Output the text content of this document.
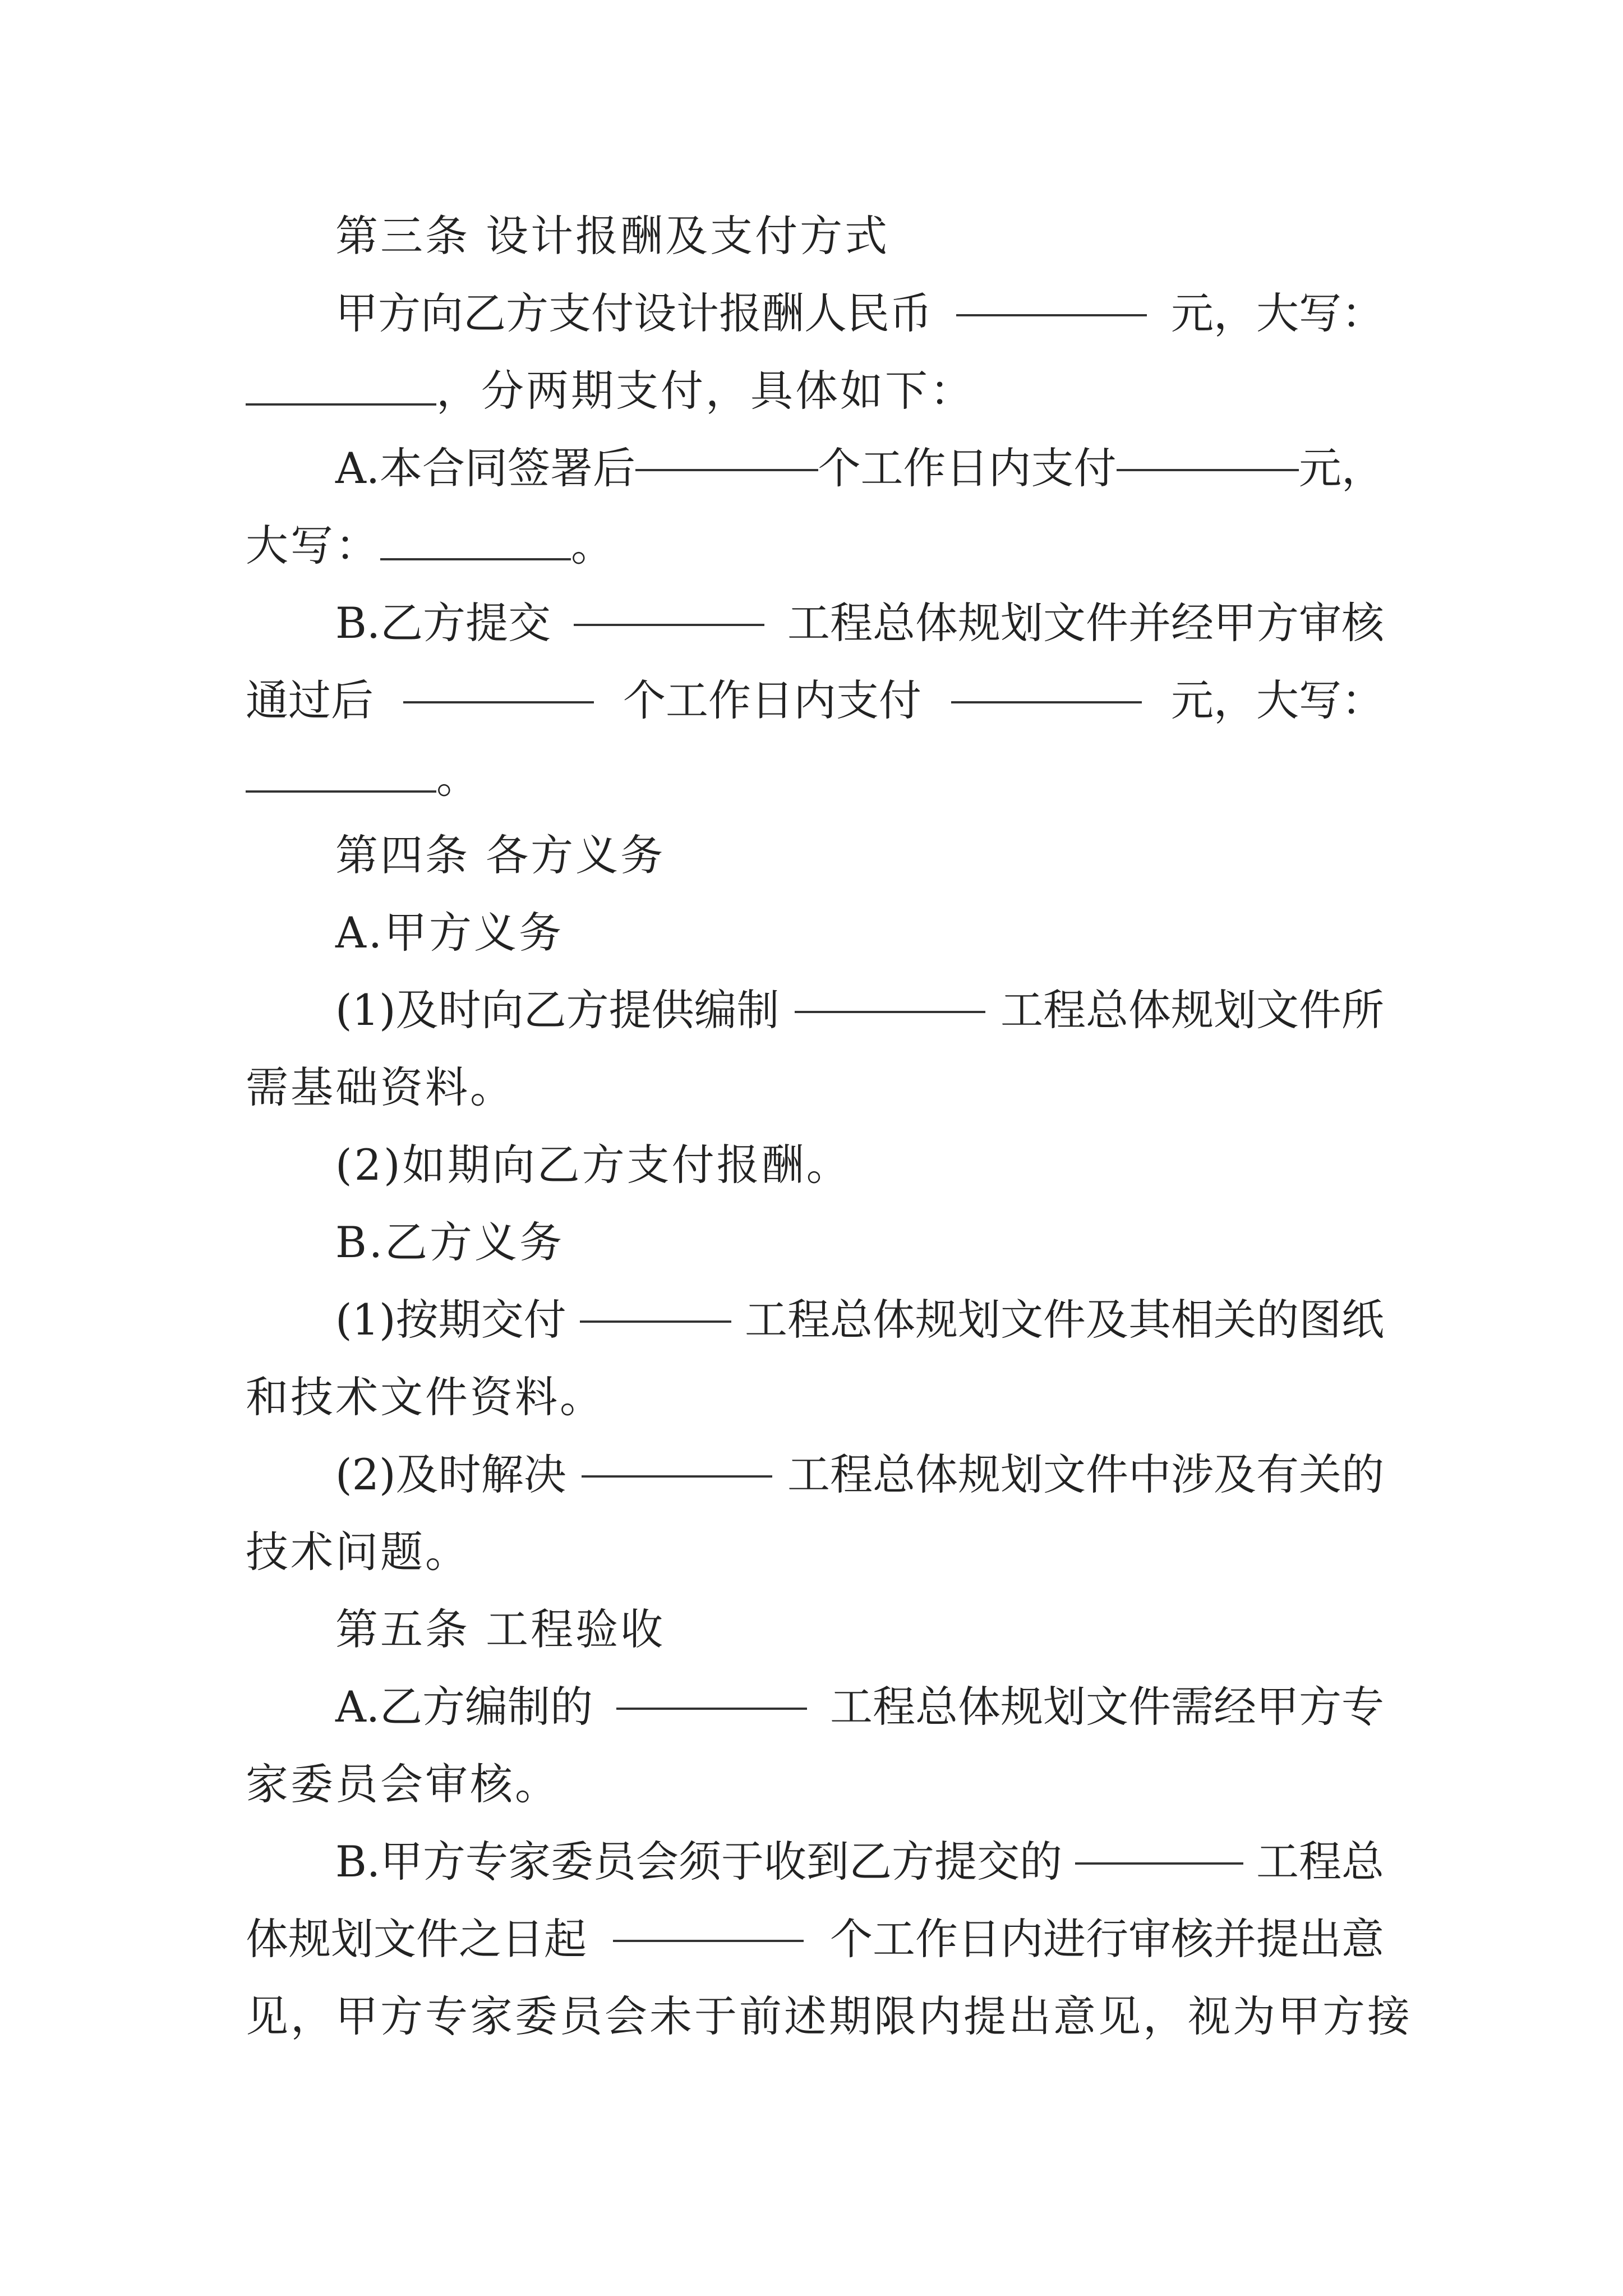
第三条 设计报酬及支付方式
甲方向乙方支付设计报酬人民币	元，大写：
，分两期支付，具体如下：
A.本合同签署后	个工作日内支付	元，
大写：	。
B.乙方提交	工程总体规划文件并经甲方审核
通过后	个工作日内支付	元，大写：
。
第四条 各方义务
A.甲方义务
(1)及时向乙方提供编制	工程总体规划文件所
需基础资料。
(2)如期向乙方支付报酬。
B.乙方义务
(1)按期交付	工程总体规划文件及其相关的图纸
和技术文件资料。
(2)及时解决	工程总体规划文件中涉及有关的
技术问题。
第五条 工程验收
A.乙方编制的	工程总体规划文件需经甲方专
家委员会审核。
B.甲方专家委员会须于收到乙方提交的	工程总
体规划文件之日起	个工作日内进行审核并提出意
见，甲方专家委员会未于前述期限内提出意见，视为甲方接
